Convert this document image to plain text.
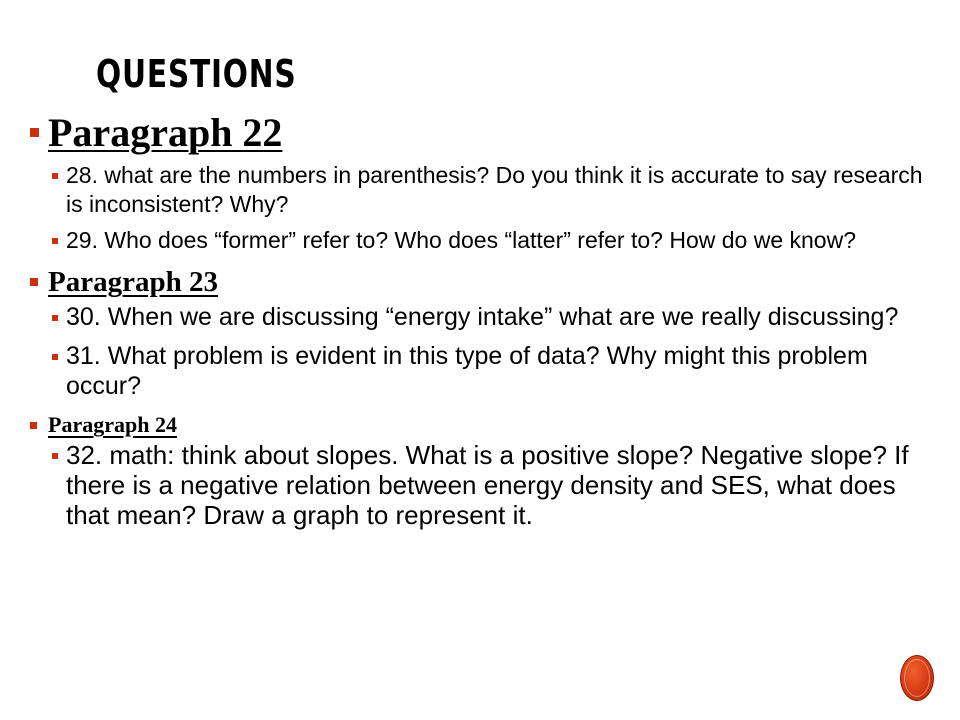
QUESTIONS
Paragraph 22
28. what are the numbers in parenthesis? Do you think it is accurate to say research is inconsistent? Why?
29. Who does “former” refer to? Who does “latter” refer to? How do we know?
Paragraph 23
30. When we are discussing “energy intake” what are we really discussing?
31. What problem is evident in this type of data? Why might this problem occur?
Paragraph 24
32. math: think about slopes. What is a positive slope? Negative slope? If there is a negative relation between energy density and SES, what does that mean? Draw a graph to represent it.
